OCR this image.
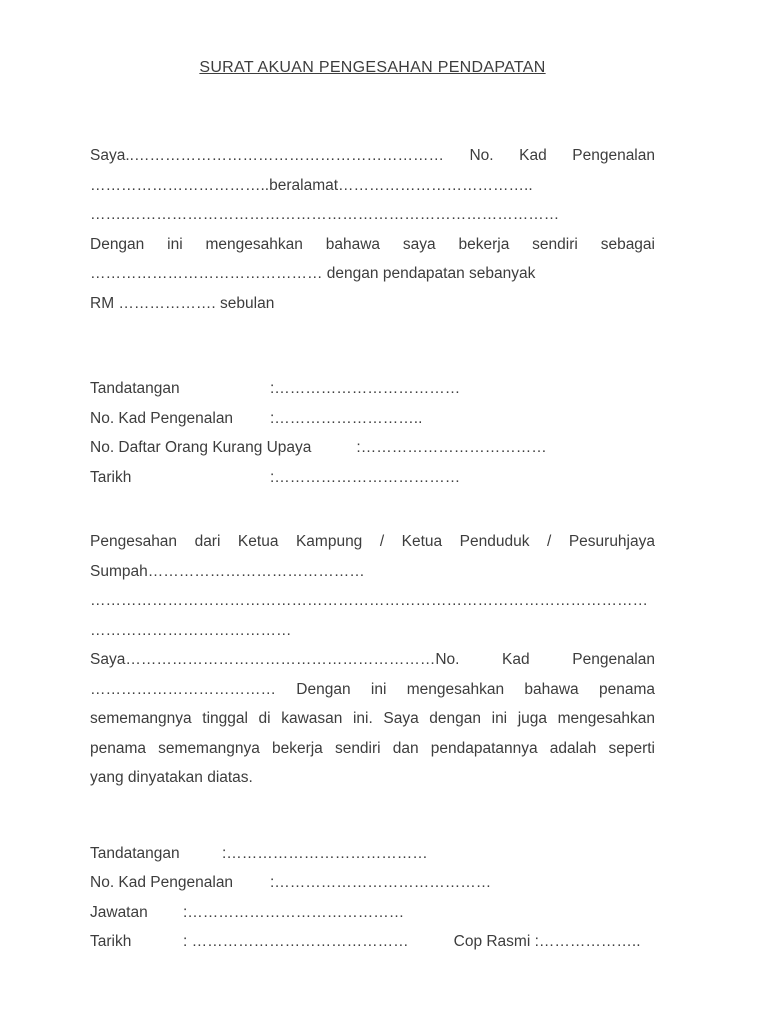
SURAT AKUAN PENGESAHAN PENDAPATAN
Saya..…………………………………………………… No. Kad Pengenalan
……………………………..beralamat………………………………..
…….…………………………………………………………………………
Dengan ini mengesahkan bahawa saya bekerja sendiri sebagai
……………………………………… dengan pendapatan sebanyak
RM ………………. sebulan
Tandatangan	:………………………………
No. Kad Pengenalan	:………………………..
No. Daftar Orang Kurang Upaya	:………………………………
Tarikh	:………………………………
Pengesahan dari Ketua Kampung / Ketua Penduduk / Pesuruhjaya
Sumpah……………………………………
………………………………………………………………………………………………
…………………………………
Saya……………………………………………………No. Kad Pengenalan
……………………………… Dengan ini mengesahkan bahawa penama
sememangnya tinggal di kawasan ini. Saya dengan ini juga mengesahkan
penama sememangnya bekerja sendiri dan pendapatannya adalah seperti
yang dinyatakan diatas.
Tandatangan	:…………………………………
No. Kad Pengenalan	:……………………………………
Jawatan	:……………………………………
Tarikh	: ……………………………………	Cop Rasmi :………………..
